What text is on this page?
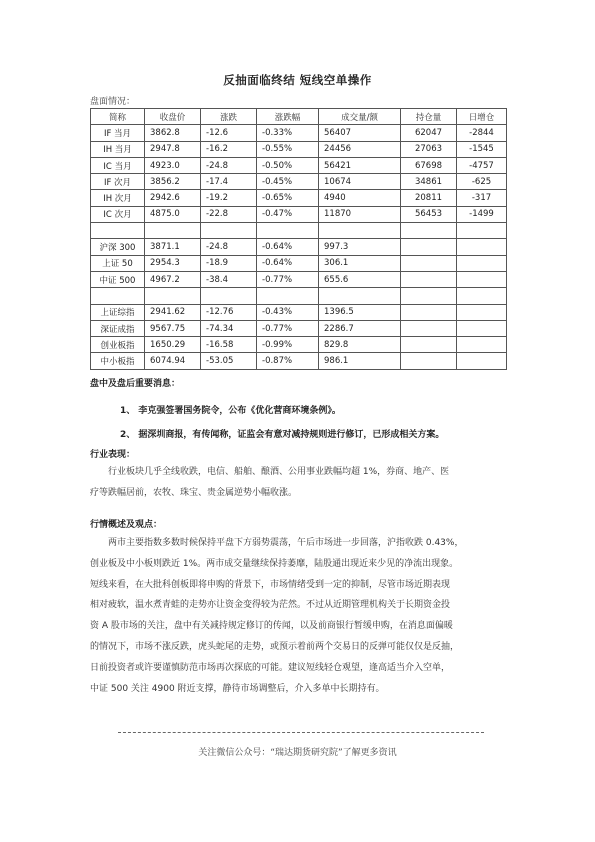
反抽面临终结 短线空单操作
盘面情况：
简称	收盘价	涨跌	涨跌幅	成交量/额	持仓量	日增仓
IF 当月	3862.8	-12.6	-0.33%	56407	62047	-2844
IH 当月	2947.8	-16.2	-0.55%	24456	27063	-1545
IC 当月	4923.0	-24.8	-0.50%	56421	67698	-4757
IF 次月	3856.2	-17.4	-0.45%	10674	34861	-625
IH 次月	2942.6	-19.2	-0.65%	4940	20811	-317
IC 次月	4875.0	-22.8	-0.47%	11870	56453	-1499

沪深 300	3871.1	-24.8	-0.64%	997.3		
上证 50	2954.3	-18.9	-0.64%	306.1		
中证 500	4967.2	-38.4	-0.77%	655.6		

上证综指	2941.62	-12.76	-0.43%	1396.5		
深证成指	9567.75	-74.34	-0.77%	2286.7		
创业板指	1650.29	-16.58	-0.99%	829.8		
中小板指	6074.94	-53.05	-0.87%	986.1		
盘中及盘后重要消息：
1、 李克强签署国务院令，公布《优化营商环境条例》。
2、 据深圳商报，有传闻称，证监会有意对减持规则进行修订，已形成相关方案。
行业表现：
行业板块几乎全线收跌，电信、船舶、酿酒、公用事业跌幅均超 1%，券商、地产、医
疗等跌幅居前，农牧、珠宝、贵金属逆势小幅收涨。
行情概述及观点：
两市主要指数多数时候保持平盘下方弱势震荡，午后市场进一步回落，沪指收跌 0.43%，
创业板及中小板则跌近 1%。两市成交量继续保持萎靡，陆股通出现近来少见的净流出现象。
短线来看，在大批科创板即将申购的背景下，市场情绪受到一定的抑制，尽管市场近期表现
相对疲软，温水煮青蛙的走势亦让资金变得较为茫然。不过从近期管理机构关于长期资金投
资 A 股市场的关注，盘中有关减持规定修订的传闻，以及前商银行暂缓申购，在消息面偏暖
的情况下，市场不涨反跌，虎头蛇尾的走势，或预示着前两个交易日的反弹可能仅仅是反抽，
日前投资者或许要谨慎防范市场再次探底的可能。建议短线轻仓观望，逢高适当介入空单，
中证 500 关注 4900 附近支撑，静待市场调整后，介入多单中长期持有。
关注微信公众号：“瑞达期货研究院”了解更多资讯
